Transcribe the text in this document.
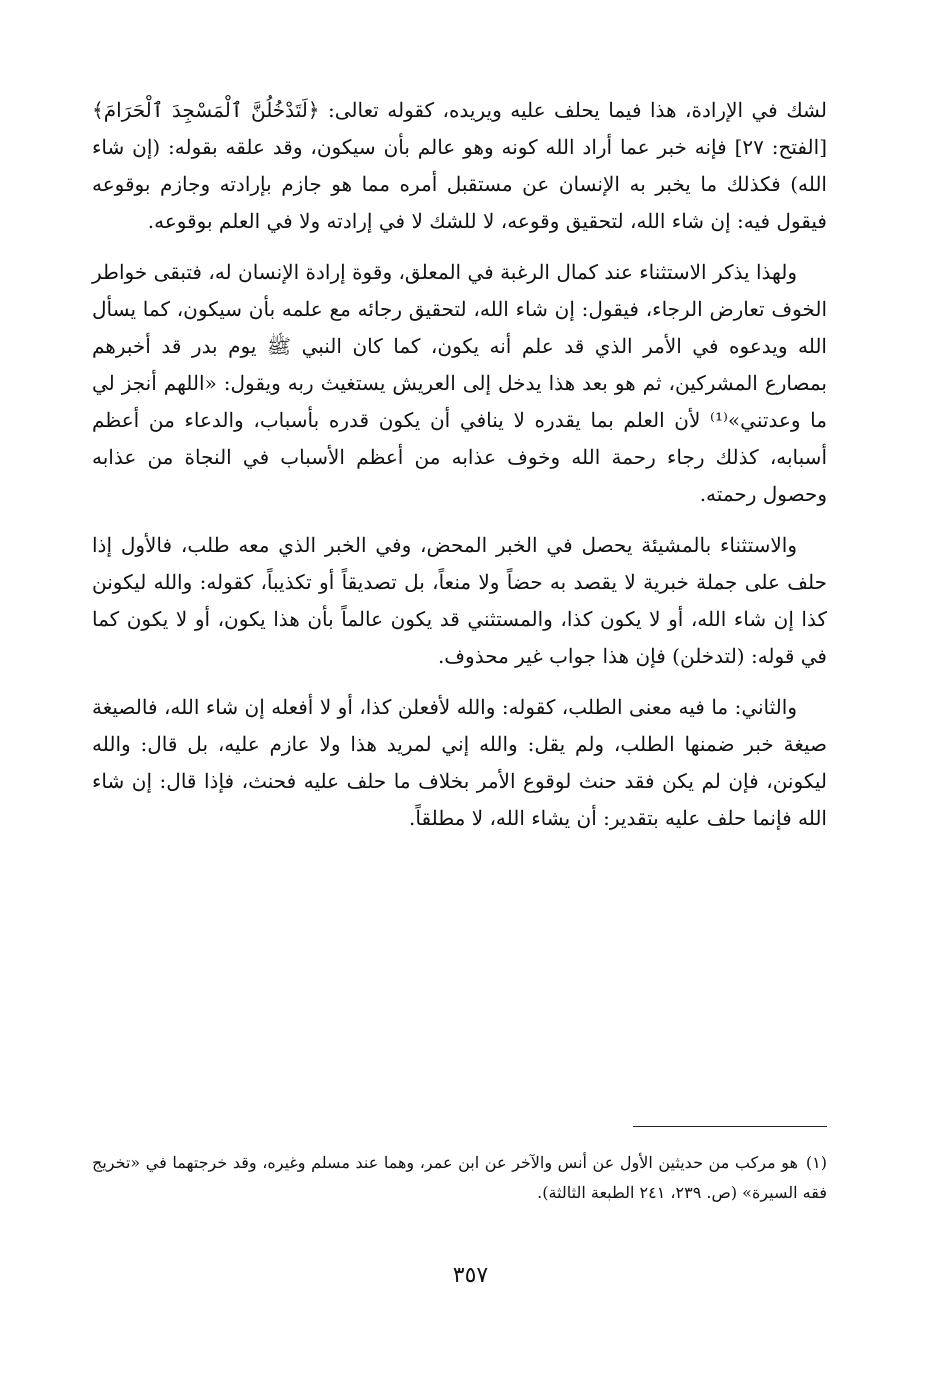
لشك في الإرادة، هذا فيما يحلف عليه ويريده، كقوله تعالى: ﴿لَتَدْخُلُنَّ ٱلْمَسْجِدَ ٱلْحَرَامَ﴾ [الفتح: ٢٧] فإنه خبر عما أراد الله كونه وهو عالم بأن سيكون، وقد علقه بقوله: (إن شاء الله) فكذلك ما يخبر به الإنسان عن مستقبل أمره مما هو جازم بإرادته وجازم بوقوعه فيقول فيه: إن شاء الله، لتحقيق وقوعه، لا للشك لا في إرادته ولا في العلم بوقوعه.

ولهذا يذكر الاستثناء عند كمال الرغبة في المعلق، وقوة إرادة الإنسان له، فتبقى خواطر الخوف تعارض الرجاء، فيقول: إن شاء الله، لتحقيق رجائه مع علمه بأن سيكون، كما يسأل الله ويدعوه في الأمر الذي قد علم أنه يكون، كما كان النبي ﷺ يوم بدر قد أخبرهم بمصارع المشركين، ثم هو بعد هذا يدخل إلى العريش يستغيث ربه ويقول: «اللهم أنجز لي ما وعدتني»⁽¹⁾ لأن العلم بما يقدره لا ينافي أن يكون قدره بأسباب، والدعاء من أعظم أسبابه، كذلك رجاء رحمة الله وخوف عذابه من أعظم الأسباب في النجاة من عذابه وحصول رحمته.

والاستثناء بالمشيئة يحصل في الخبر المحض، وفي الخبر الذي معه طلب، فالأول إذا حلف على جملة خبرية لا يقصد به حضاً ولا منعاً، بل تصديقاً أو تكذيباً، كقوله: والله ليكونن كذا إن شاء الله، أو لا يكون كذا، والمستثني قد يكون عالماً بأن هذا يكون، أو لا يكون كما في قوله: (لتدخلن) فإن هذا جواب غير محذوف.

والثاني: ما فيه معنى الطلب، كقوله: والله لأفعلن كذا، أو لا أفعله إن شاء الله، فالصيغة صيغة خبر ضمنها الطلب، ولم يقل: والله إني لمريد هذا ولا عازم عليه، بل قال: والله ليكونن، فإن لم يكن فقد حنث لوقوع الأمر بخلاف ما حلف عليه فحنث، فإذا قال: إن شاء الله فإنما حلف عليه بتقدير: أن يشاء الله، لا مطلقاً.

(١)هو مركب من حديثين الأول عن أنس والآخر عن ابن عمر، وهما عند مسلم وغيره، وقد خرجتهما في «تخريج فقه السيرة» (ص. ٢٣٩، ٢٤١ الطبعة الثالثة).

٣٥٧
